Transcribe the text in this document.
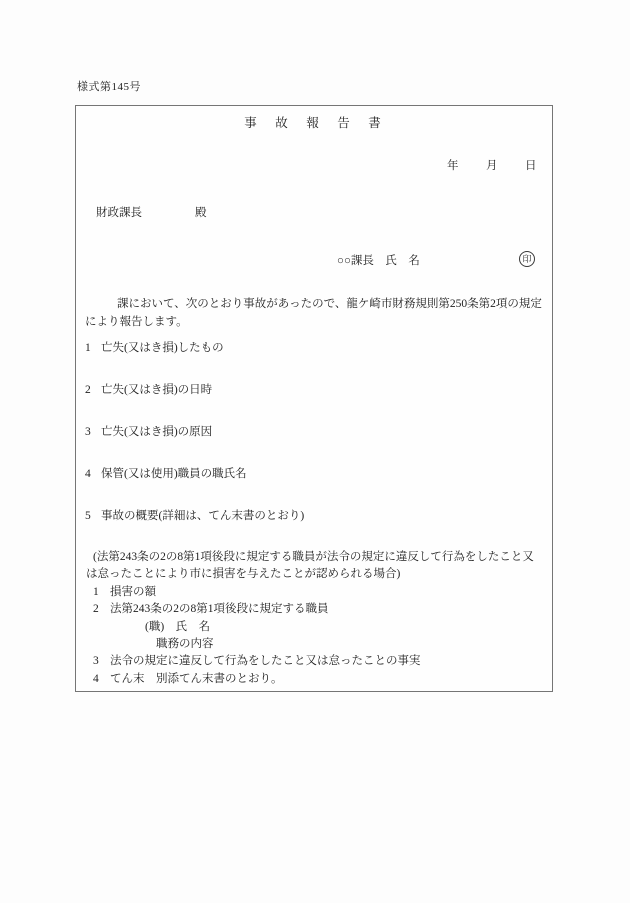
様式第145号
事　故　報　告　書
年　　月　　日
財政課長	殿
○○課長　氏　名	印
課において、次のとおり事故があったので、龍ケ崎市財務規則第250条第2項の規定
により報告します。
1 亡失(又はき損)したもの
2 亡失(又はき損)の日時
3 亡失(又はき損)の原因
4 保管(又は使用)職員の職氏名
5 事故の概要(詳細は、てん末書のとおり)
(法第243条の2の8第1項後段に規定する職員が法令の規定に違反して行為をしたこと又
は怠ったことにより市に損害を与えたことが認められる場合)
1 損害の額
2 法第243条の2の8第1項後段に規定する職員
(職)　氏　名
職務の内容
3 法令の規定に違反して行為をしたこと又は怠ったことの事実
4 てん末　別添てん末書のとおり。
